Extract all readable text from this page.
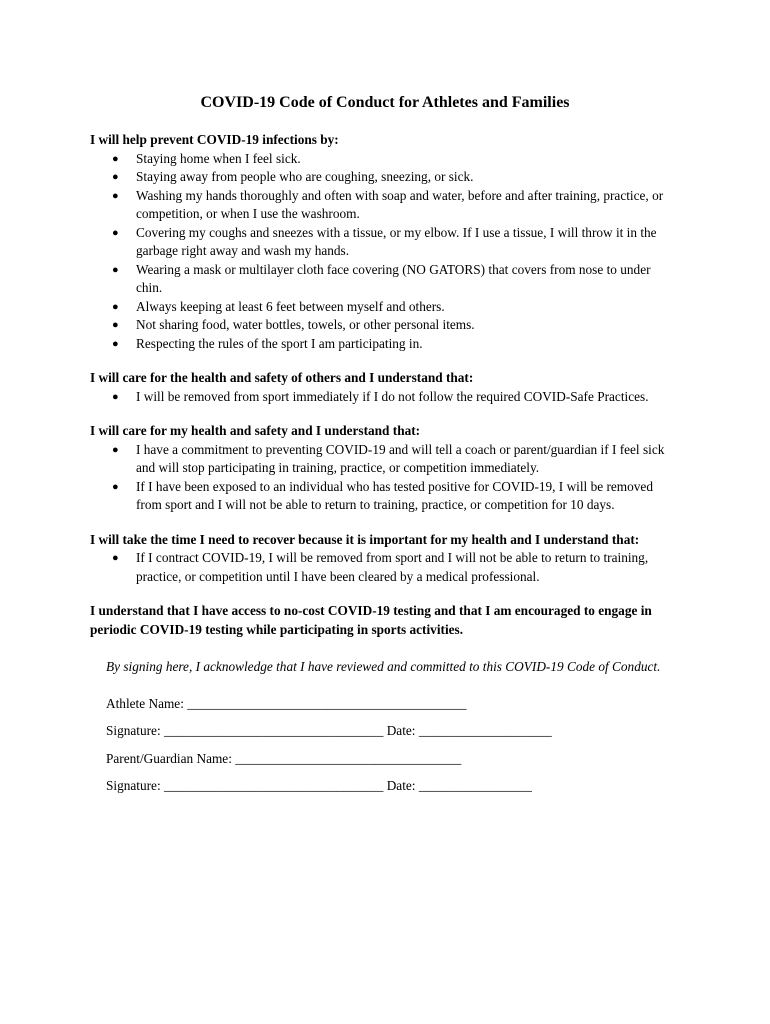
COVID-19 Code of Conduct for Athletes and Families
I will help prevent COVID-19 infections by:
● Staying home when I feel sick.
● Staying away from people who are coughing, sneezing, or sick.
● Washing my hands thoroughly and often with soap and water, before and after training, practice, or competition, or when I use the washroom.
● Covering my coughs and sneezes with a tissue, or my elbow. If I use a tissue, I will throw it in the garbage right away and wash my hands.
● Wearing a mask or multilayer cloth face covering (NO GATORS) that covers from nose to under chin.
● Always keeping at least 6 feet between myself and others.
● Not sharing food, water bottles, towels, or other personal items.
● Respecting the rules of the sport I am participating in.
I will care for the health and safety of others and I understand that:
● I will be removed from sport immediately if I do not follow the required COVID-Safe Practices.
I will care for my health and safety and I understand that:
● I have a commitment to preventing COVID-19 and will tell a coach or parent/guardian if I feel sick and will stop participating in training, practice, or competition immediately.
● If I have been exposed to an individual who has tested positive for COVID-19, I will be removed from sport and I will not be able to return to training, practice, or competition for 10 days.
I will take the time I need to recover because it is important for my health and I understand that:
● If I contract COVID-19, I will be removed from sport and I will not be able to return to training, practice, or competition until I have been cleared by a medical professional.
I understand that I have access to no-cost COVID-19 testing and that I am encouraged to engage in periodic COVID-19 testing while participating in sports activities.
By signing here, I acknowledge that I have reviewed and committed to this COVID-19 Code of Conduct.
Athlete Name: __________________________________________
Signature: _________________________________ Date: ____________________
Parent/Guardian Name: __________________________________
Signature: _________________________________ Date: _________________
